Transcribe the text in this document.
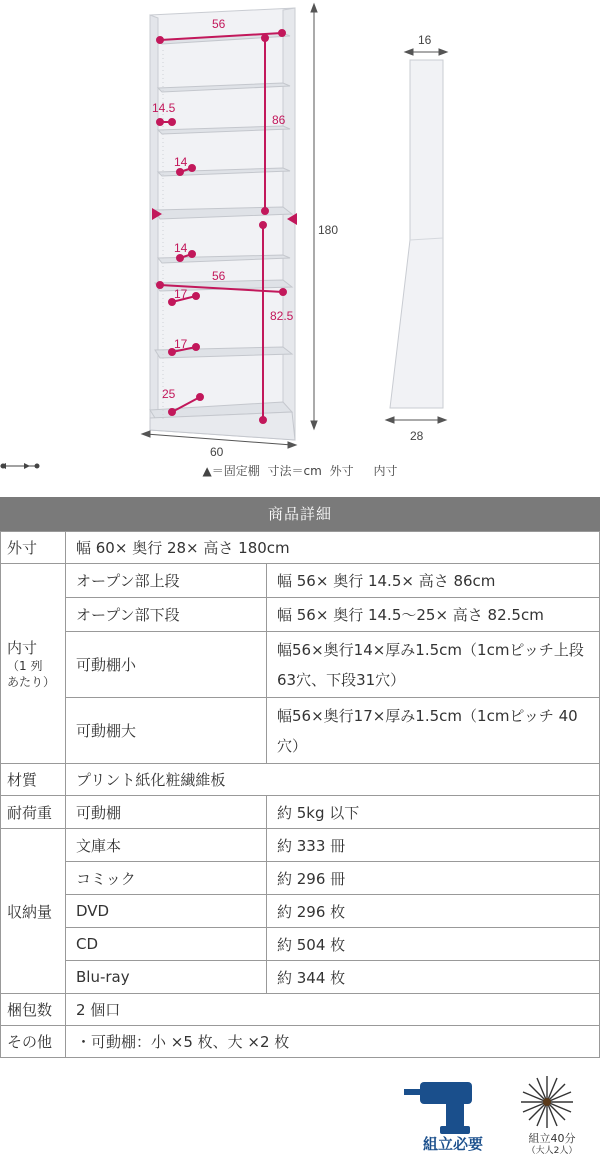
56
86
14.5
14
14
56
17
82.5
17
25
180
60
16
28
▲＝固定棚 寸法＝cm 外寸 内寸
商品詳細
外寸	幅 60× 奥行 28× 高さ 180cm	
内寸
（1 列
あたり）	オープン部上段	幅 56× 奥行 14.5× 高さ 86cm
	オープン部下段	幅 56× 奥行 14.5〜25× 高さ 82.5cm
	可動棚小	幅56×奥行14×厚み1.5cm（1cmピッチ上段63穴、下段31穴）
	可動棚大	幅56×奥行17×厚み1.5cm（1cmピッチ 40穴）
材質	プリント紙化粧繊維板	
耐荷重	可動棚	約 5kg 以下
収納量	文庫本	約 333 冊
	コミック	約 296 冊
	DVD	約 296 枚
	CD	約 504 枚
	Blu-ray	約 344 枚
梱包数	2 個口	
その他	・可動棚：小 ×5 枚、大 ×2 枚	
組立必要	組立40分
（大人2人）
